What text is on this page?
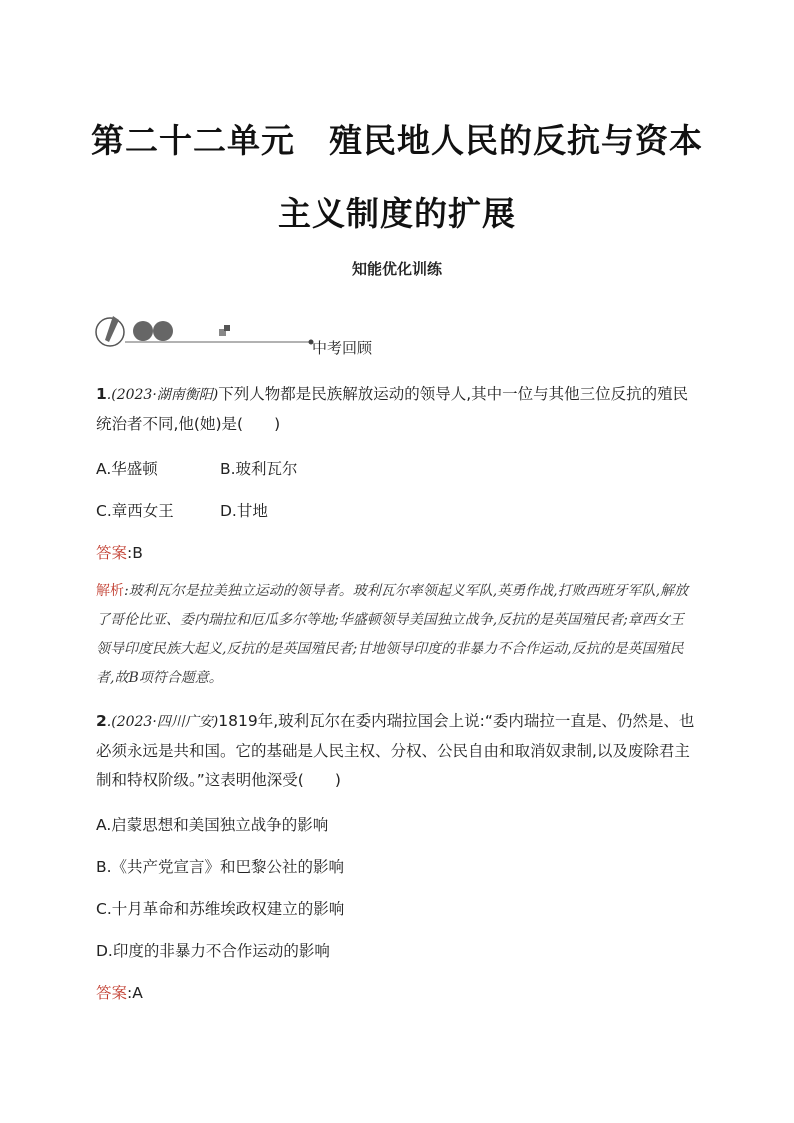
第二十二单元　殖民地人民的反抗与资本
主义制度的扩展
知能优化训练
中考回顾
1.(2023·湖南衡阳)下列人物都是民族解放运动的领导人,其中一位与其他三位反抗的殖民统治者不同,他(她)是(　　)
A.华盛顿	B.玻利瓦尔
C.章西女王	D.甘地
答案:B
解析:玻利瓦尔是拉美独立运动的领导者。玻利瓦尔率领起义军队,英勇作战,打败西班牙军队,解放了哥伦比亚、委内瑞拉和厄瓜多尔等地;华盛顿领导美国独立战争,反抗的是英国殖民者;章西女王领导印度民族大起义,反抗的是英国殖民者;甘地领导印度的非暴力不合作运动,反抗的是英国殖民者,故B项符合题意。
2.(2023·四川广安)1819年,玻利瓦尔在委内瑞拉国会上说:“委内瑞拉一直是、仍然是、也必须永远是共和国。它的基础是人民主权、分权、公民自由和取消奴隶制,以及废除君主制和特权阶级。”这表明他深受(　　)
A.启蒙思想和美国独立战争的影响
B.《共产党宣言》和巴黎公社的影响
C.十月革命和苏维埃政权建立的影响
D.印度的非暴力不合作运动的影响
答案:A
